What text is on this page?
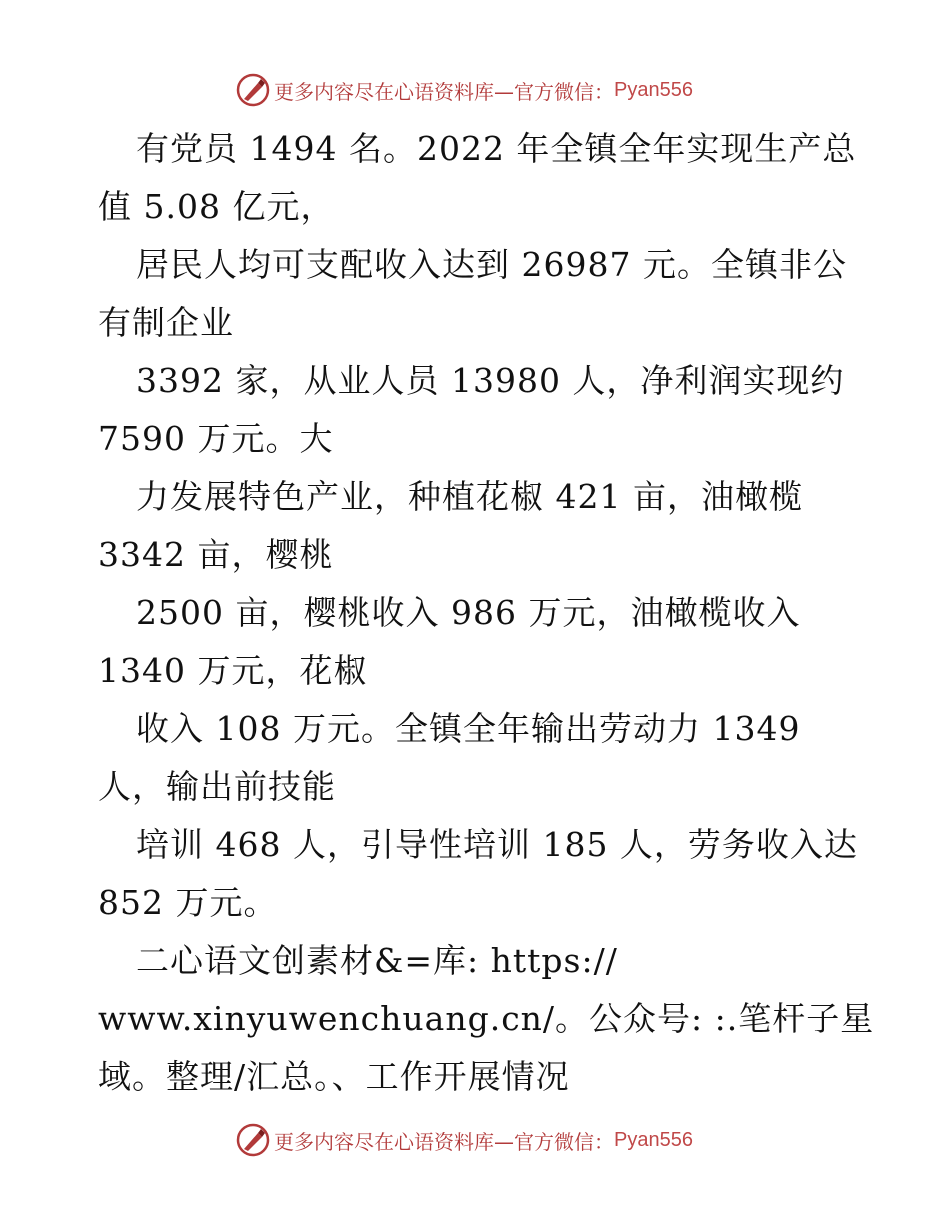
更多内容尽在心语资料库—官方微信： Pyan556
有党员 1494 名。2022 年全镇全年实现生产总
值 5.08 亿元，
居民人均可支配收入达到 26987 元。全镇非公
有制企业
3392 家，从业人员 13980 人，净利润实现约
7590 万元。大
力发展特色产业，种植花椒 421 亩，油橄榄
3342 亩，樱桃
2500 亩，樱桃收入 986 万元，油橄榄收入
1340 万元，花椒
收入 108 万元。全镇全年输出劳动力 1349
人，输出前技能
培训 468 人，引导性培训 185 人，劳务收入达
852 万元。
二心语文创素材&=库: https://
www.xinyuwenchuang.cn/。公众号: :.笔杆子星
域。整理/汇总。、工作开展情况
更多内容尽在心语资料库—官方微信： Pyan556
